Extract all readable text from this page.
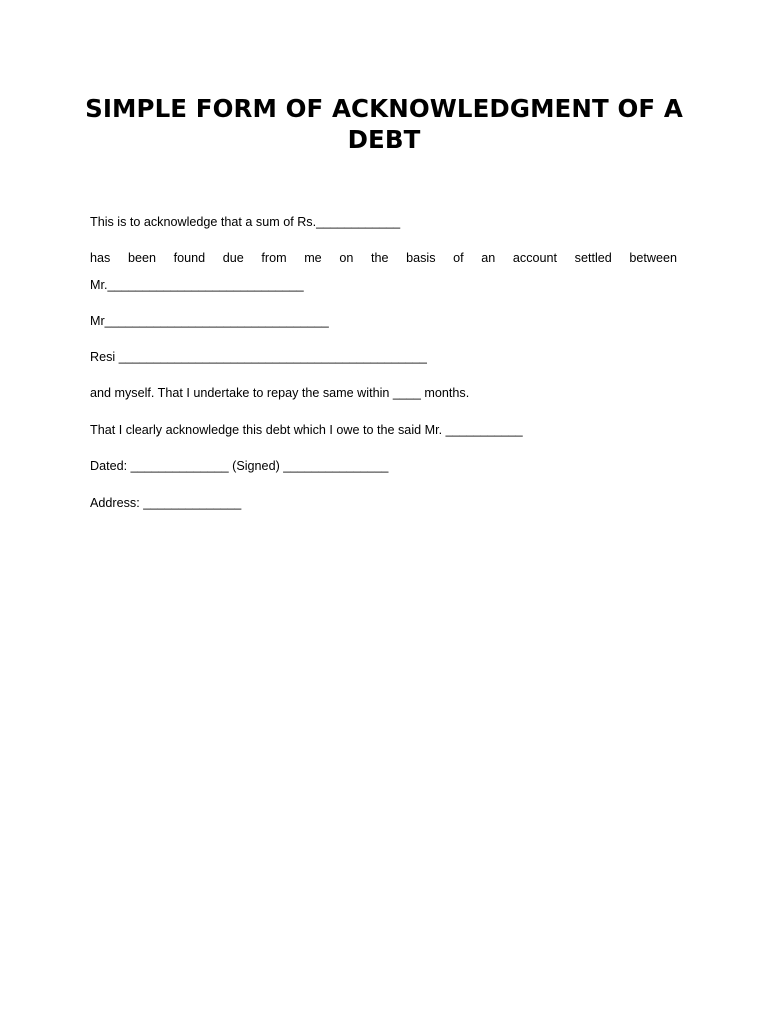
SIMPLE FORM OF ACKNOWLEDGMENT OF A DEBT
This is to acknowledge that a sum of Rs.____________
has been found due from me on the basis of an account settled between
Mr.____________________________
Mr________________________________
Resi ____________________________________________
and myself. That I undertake to repay the same within ____ months.
That I clearly acknowledge this debt which I owe to the said Mr. ___________
Dated: ______________ (Signed) _______________
Address: ______________
